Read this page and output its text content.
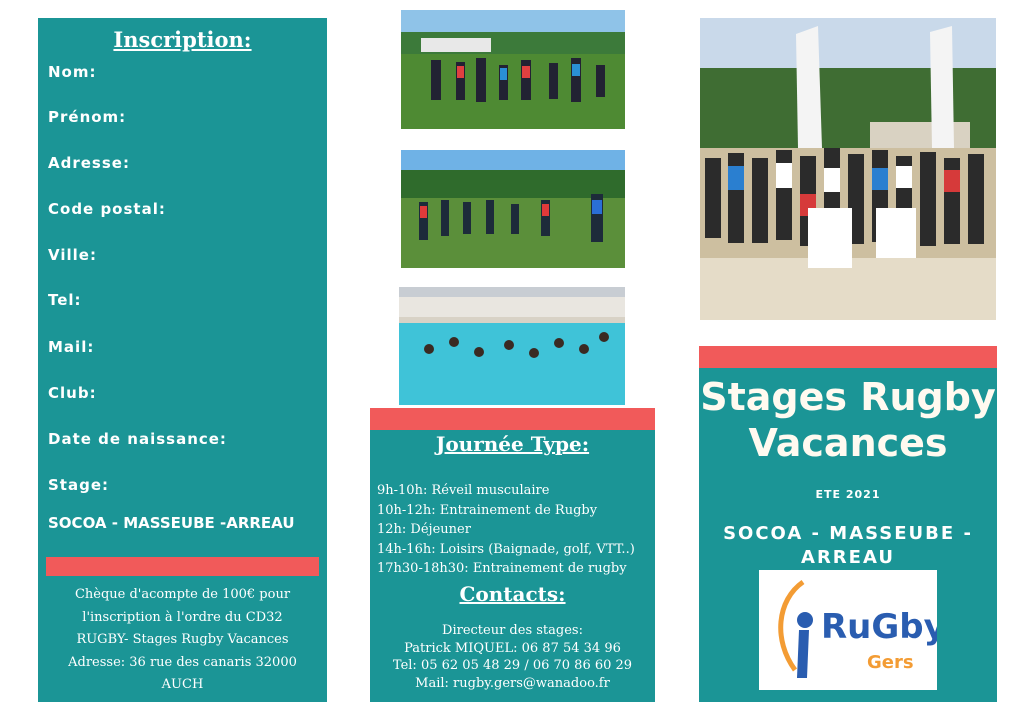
Inscription:
Nom:
Prénom:
Adresse:
Code postal:
Ville:
Tel:
Mail:
Club:
Date de naissance:
Stage:
SOCOA - MASSEUBE -ARREAU
Chèque d'acompte de 100€ pour
l'inscription à l'ordre du CD32
RUGBY- Stages Rugby Vacances
Adresse: 36 rue des canaris 32000
AUCH
Journée Type:
9h-10h: Réveil musculaire
10h-12h: Entrainement de Rugby
12h: Déjeuner
14h-16h: Loisirs (Baignade, golf, VTT..)
17h30-18h30: Entrainement de rugby
Contacts:
Directeur des stages:
Patrick MIQUEL: 06 87 54 34 96
Tel: 05 62 05 48 29 / 06 70 86 60 29
Mail: rugby.gers@wanadoo.fr
Stages Rugby
Vacances
ETE 2021
SOCOA - MASSEUBE -
ARREAU
RuGby
Gers
